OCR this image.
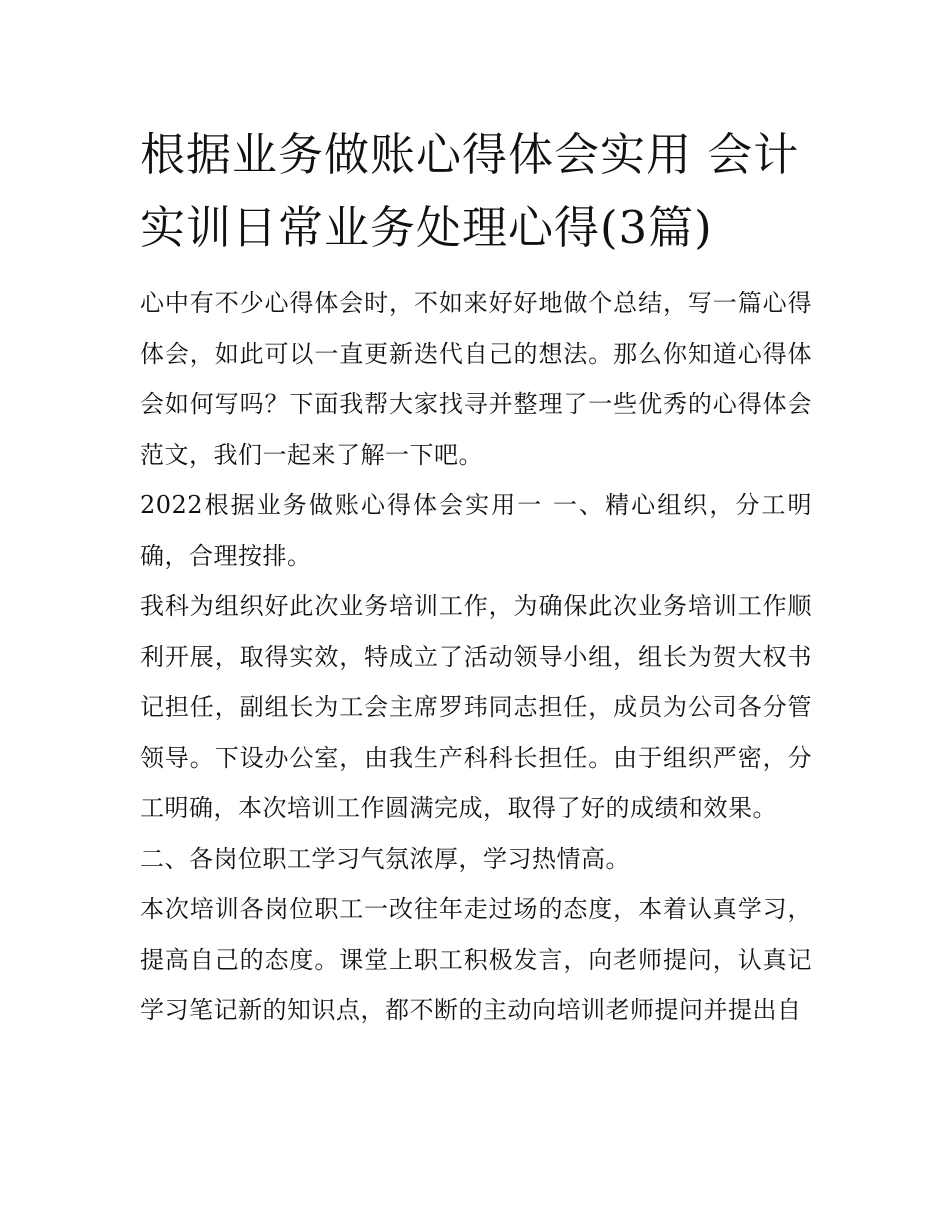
根据业务做账心得体会实用 会计实训日常业务处理心得(3篇)

心中有不少心得体会时，不如来好好地做个总结，写一篇心得体会，如此可以一直更新迭代自己的想法。那么你知道心得体会如何写吗？下面我帮大家找寻并整理了一些优秀的心得体会范文，我们一起来了解一下吧。

2022根据业务做账心得体会实用一 一、精心组织，分工明确，合理按排。

我科为组织好此次业务培训工作，为确保此次业务培训工作顺利开展，取得实效，特成立了活动领导小组，组长为贺大权书记担任，副组长为工会主席罗玮同志担任，成员为公司各分管领导。下设办公室，由我生产科科长担任。由于组织严密，分工明确，本次培训工作圆满完成，取得了好的成绩和效果。

二、各岗位职工学习气氛浓厚，学习热情高。

本次培训各岗位职工一改往年走过场的态度，本着认真学习，提高自己的态度。课堂上职工积极发言，向老师提问，认真记学习笔记新的知识点，都不断的主动向培训老师提问并提出自
